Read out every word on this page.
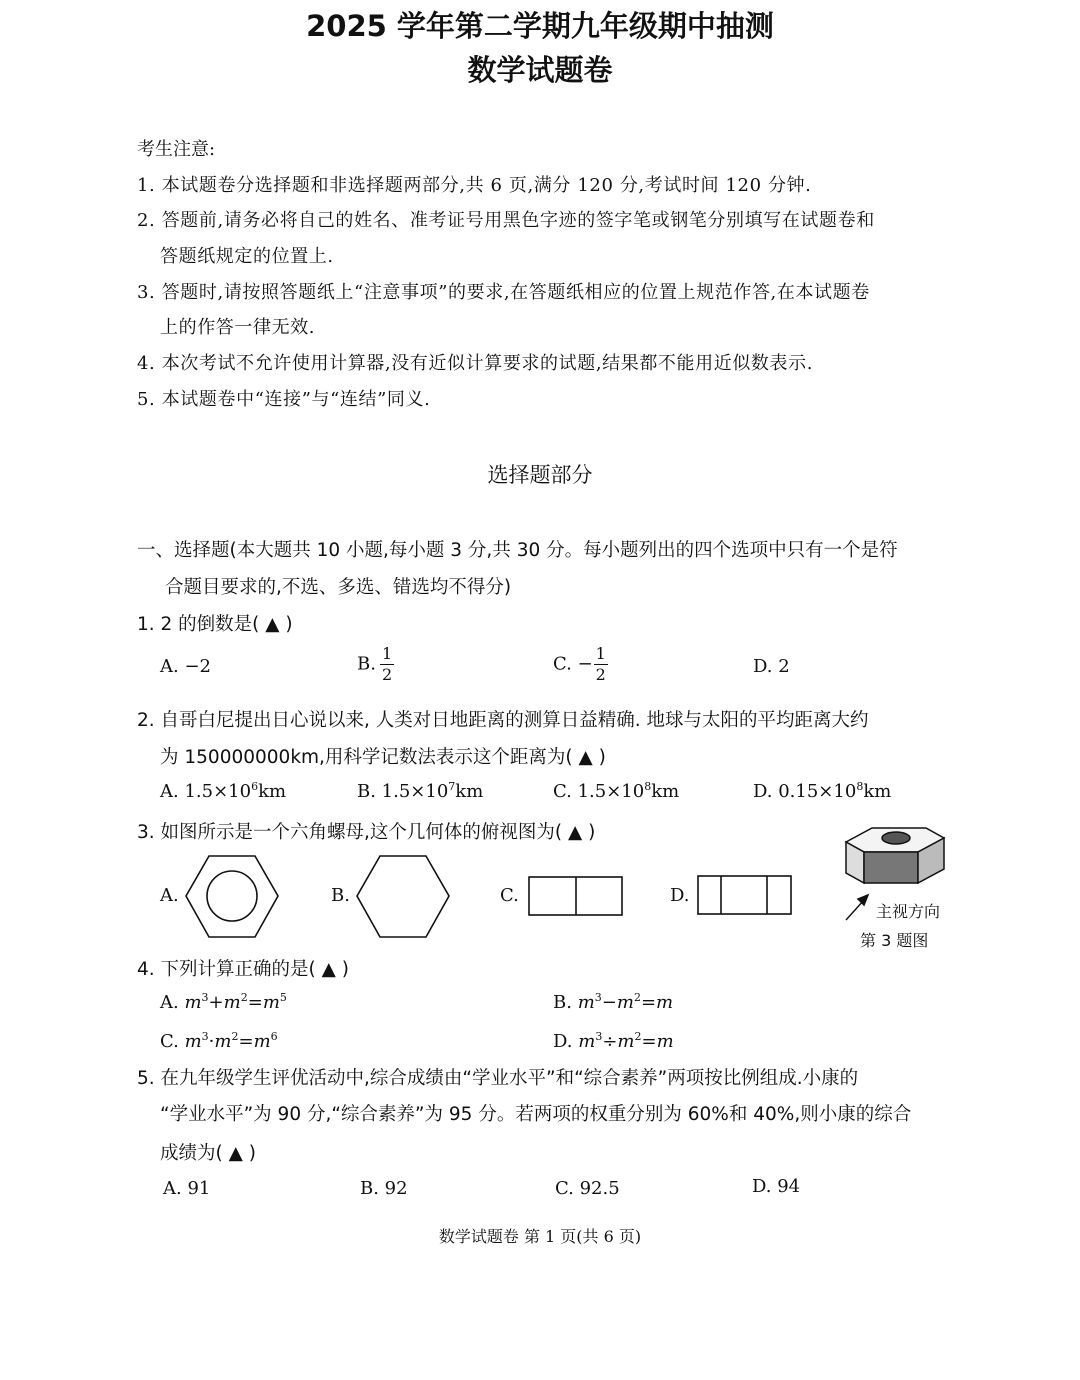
2025 学年第二学期九年级期中抽测
数学试题卷
考生注意:
1. 本试题卷分选择题和非选择题两部分,共 6 页,满分 120 分,考试时间 120 分钟.
2. 答题前,请务必将自己的姓名、准考证号用黑色字迹的签字笔或钢笔分别填写在试题卷和
答题纸规定的位置上.
3. 答题时,请按照答题纸上“注意事项”的要求,在答题纸相应的位置上规范作答,在本试题卷
上的作答一律无效.
4. 本次考试不允许使用计算器,没有近似计算要求的试题,结果都不能用近似数表示.
5. 本试题卷中“连接”与“连结”同义.
选择题部分
一、选择题(本大题共 10 小题,每小题 3 分,共 30 分。每小题列出的四个选项中只有一个是符
合题目要求的,不选、多选、错选均不得分)
1. 2 的倒数是( ▲ )
A. −2	B. $\frac{1}{2}$	C. − $\frac{1}{2}$	D. 2
2. 自哥白尼提出日心说以来, 人类对日地距离的测算日益精确. 地球与太阳的平均距离大约
为 150000000km,用科学记数法表示这个距离为( ▲ )
A. $1.5\times 10^6km$	B. $1.5\times 10^7km$	C. $1.5\times 10^8km$	D. $0.15\times 10^8km$
3. 如图所示是一个六角螺母,这个几何体的俯视图为( ▲ )
A.	B.	C.	D.
主视方向
第 3 题图
4. 下列计算正确的是( ▲ )
A. $m^3+m^2=m^5$	B. $m^3-m^2=m$
C. $m^3\cdot m^2=m^6$	D. $m^3\div m^2=m$
5. 在九年级学生评优活动中,综合成绩由“学业水平”和“综合素养”两项按比例组成.小康的
“学业水平”为 90 分,“综合素养”为 95 分。若两项的权重分别为 60%和 40%,则小康的综合
成绩为( ▲ )
A. 91	B. 92	C. 92.5	D. 94
数学试题卷 第 1 页(共 6 页)
